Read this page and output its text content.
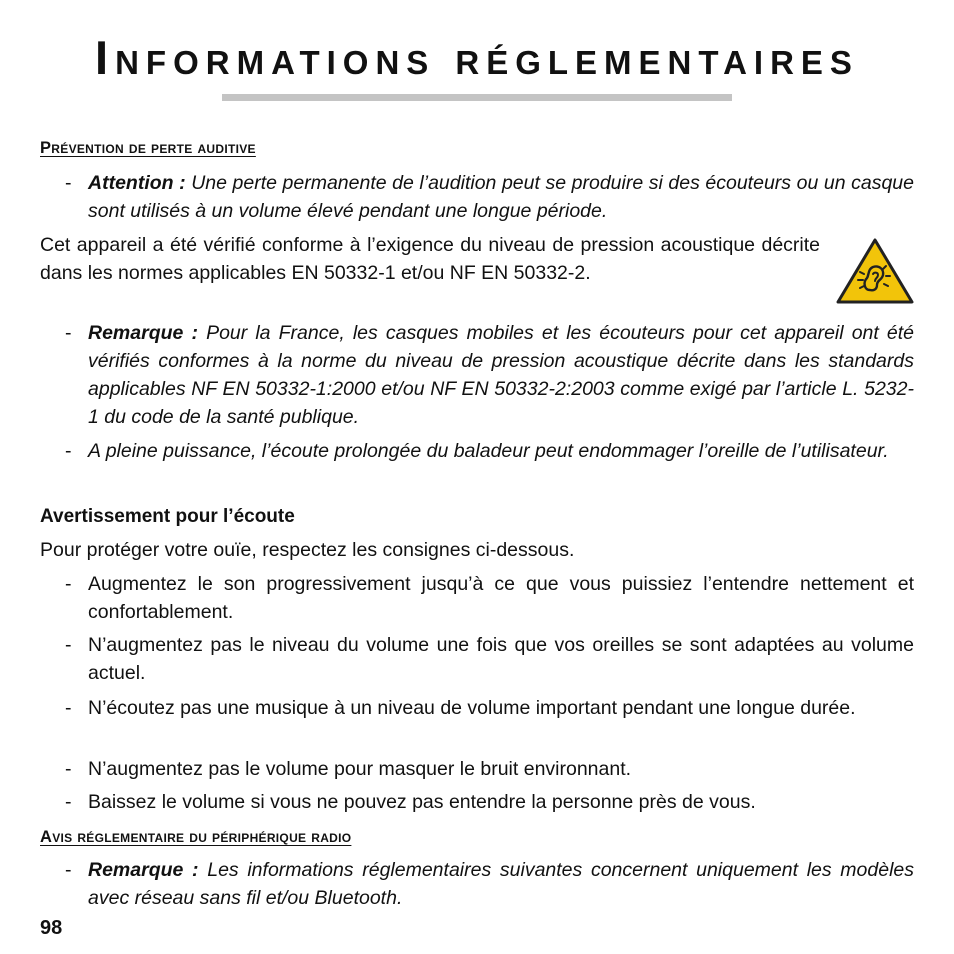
Informations réglementaires
Prévention de perte auditive
- Attention : Une perte permanente de l’audition peut se produire si des écouteurs ou un casque sont utilisés à un volume élevé pendant une longue période.

Cet appareil a été vérifié conforme à l’exigence du niveau de pression acoustique décrite dans les normes applicables EN 50332-1 et/ou NF EN 50332-2.

- Remarque : Pour la France, les casques mobiles et les écouteurs pour cet appareil ont été vérifiés conformes à la norme du niveau de pression acoustique décrite dans les standards applicables NF EN 50332-1:2000 et/ou NF EN 50332-2:2003 comme exigé par l’article L. 5232-1 du code de la santé publique.
- A pleine puissance, l’écoute prolongée du baladeur peut endommager l’oreille de l’utilisateur.
Avertissement pour l’écoute

Pour protéger votre ouïe, respectez les consignes ci-dessous.

- Augmentez le son progressivement jusqu’à ce que vous puissiez l’entendre nettement et confortablement.
- N’augmentez pas le niveau du volume une fois que vos oreilles se sont adaptées au volume actuel.
- N’écoutez pas une musique à un niveau de volume important pendant une longue durée.
- N’augmentez pas le volume pour masquer le bruit environnant.
- Baissez le volume si vous ne pouvez pas entendre la personne près de vous.
Avis réglementaire du périphérique radio
- Remarque : Les informations réglementaires suivantes concernent uniquement les modèles avec réseau sans fil et/ou Bluetooth.
98
